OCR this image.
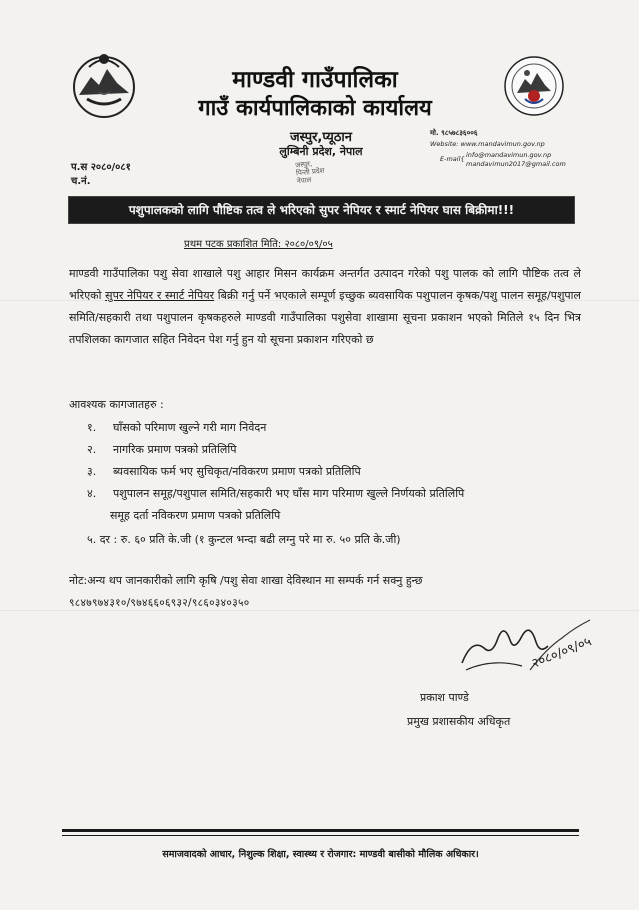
माण्डवी गाउँपालिका
गाउँ कार्यपालिकाको कार्यालय
जस्पुर,प्यूठान
लुम्बिनी प्रदेश, नेपाल
जस्पुर,
पिन्ती प्रदेश
नेपाल
मो. ९८५७८३६००६
Website: www.mandavimun.gov.np
E-mail{ info@mandavimun.gov.np
mandavimun2017@gmail.com
प.स २०८०/०८१
च.नं.
पशुपालकको लागि पौष्टिक तत्व ले भरिएको सुपर नेपियर र स्मार्ट नेपियर घास बिक्रीमा!!!
प्रथम पटक प्रकाशित मिति: २०८०/०९/०५
माण्डवी गाउँपालिका पशु सेवा शाखाले पशु आहार मिसन कार्यक्रम अन्तर्गत उत्पादन गरेको पशु पालक को लागि पौष्टिक तत्व ले भरिएको सुपर नेपियर र स्मार्ट नेपियर बिक्री गर्नु पर्ने भएकाले सम्पूर्ण इच्छुक ब्यवसायिक पशुपालन कृषक/पशु पालन समूह/पशुपाल समिति/सहकारी तथा पशुपालन कृषकहरुले माण्डवी गाउँपालिका पशुसेवा शाखामा सूचना प्रकाशन भएको मितिले १५ दिन भित्र तपशिलका कागजात सहित निवेदन पेश गर्नु हुन यो सूचना प्रकाशन गरिएको छ
आवश्यक कागजातहरु :
१. घाँसको परिमाण खुल्ने गरी माग निवेदन
२. नागरिक प्रमाण पत्रको प्रतिलिपि
३. ब्यवसायिक फर्म भए सुचिकृत/नविकरण प्रमाण पत्रको प्रतिलिपि
४. पशुपालन समूह/पशुपाल समिति/सहकारी भए घाँस माग परिमाण खुल्ले निर्णयको प्रतिलिपि
समूह दर्ता नविकरण प्रमाण पत्रको प्रतिलिपि
५. दर : रु. ६० प्रति के.जी (१ कुन्टल भन्दा बढी लग्नु परे मा रु. ५० प्रति के.जी)
नोट:अन्य थप जानकारीको लागि कृषि /पशु सेवा शाखा देविस्थान मा सम्पर्क गर्न सक्नु हुन्छ
९८४७९७४३१०/९७४६६०६९३२/९८६०३४०३५०
२०८०/०९/०५
प्रकाश पाण्डे
प्रमुख प्रशासकीय अधिकृत
समाजवादको आधार, निशुल्क शिक्षा, स्वास्थ्य र रोजगार: माण्डवी बासीको मौलिक अधिकार।
